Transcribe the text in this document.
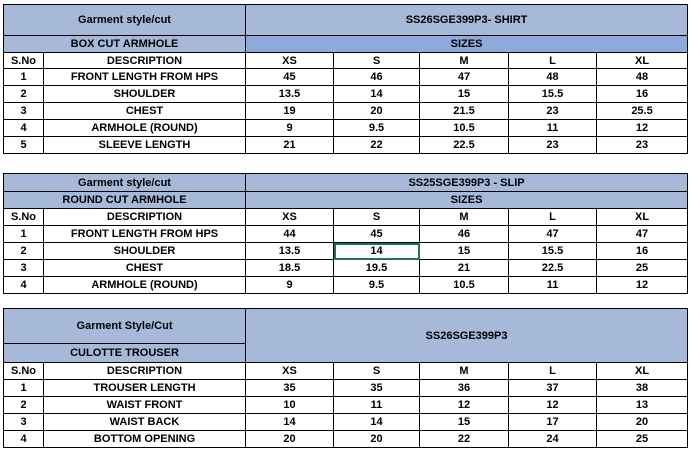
Garment style/cut		SS26SGE399P3- SHIRT				
BOX CUT ARMHOLE		SIZES				
S.No	DESCRIPTION	XS	S	M	L	XL
1	FRONT LENGTH FROM HPS	45	46	47	48	48
2	SHOULDER	13.5	14	15	15.5	16
3	CHEST	19	20	21.5	23	25.5
4	ARMHOLE (ROUND)	9	9.5	10.5	11	12
5	SLEEVE LENGTH	21	22	22.5	23	23
Garment style/cut		SS25SGE399P3 - SLIP				
ROUND CUT ARMHOLE		SIZES				
S.No	DESCRIPTION	XS	S	M	L	XL
1	FRONT LENGTH FROM HPS	44	45	46	47	47
2	SHOULDER	13.5	14	15	15.5	16
3	CHEST	18.5	19.5	21	22.5	25
4	ARMHOLE (ROUND)	9	9.5	10.5	11	12
Garment Style/Cut		SS26SGE399P3				
CULOTTE TROUSER						
S.No	DESCRIPTION	XS	S	M	L	XL
1	TROUSER LENGTH	35	35	36	37	38
2	WAIST FRONT	10	11	12	12	13
3	WAIST BACK	14	14	15	17	20
4	BOTTOM OPENING	20	20	22	24	25
